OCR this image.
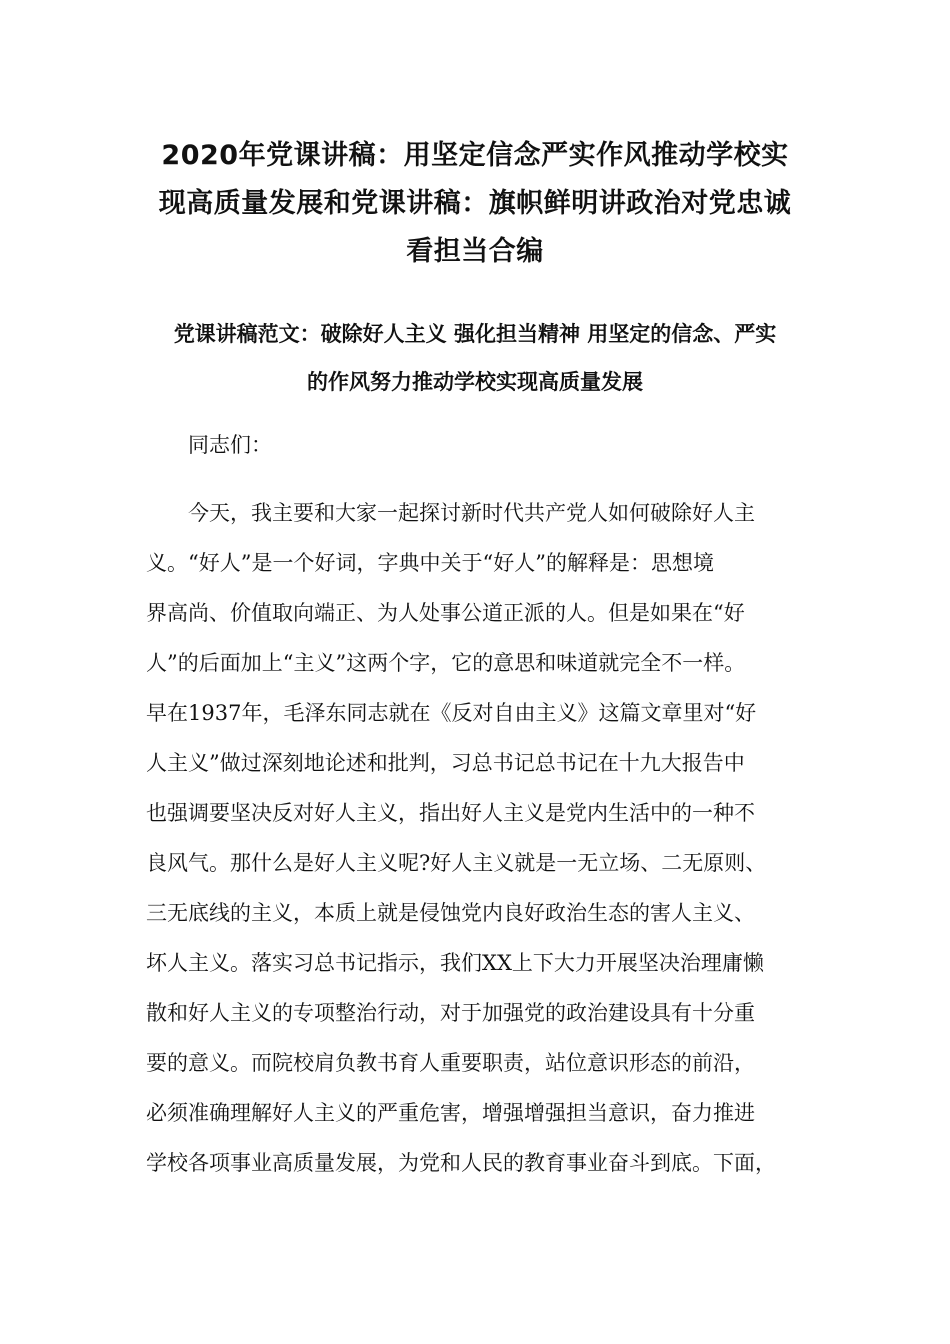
2020年党课讲稿：用坚定信念严实作风推动学校实
现高质量发展和党课讲稿：旗帜鲜明讲政治对党忠诚
看担当合编
党课讲稿范文：破除好人主义 强化担当精神 用坚定的信念、严实
的作风努力推动学校实现高质量发展
同志们：
今天，我主要和大家一起探讨新时代共产党人如何破除好人主
义。“好人”是一个好词，字典中关于“好人”的解释是：思想境
界高尚、价值取向端正、为人处事公道正派的人。但是如果在“好
人”的后面加上“主义”这两个字，它的意思和味道就完全不一样。
早在1937年，毛泽东同志就在《反对自由主义》这篇文章里对“好
人主义”做过深刻地论述和批判，习总书记总书记在十九大报告中
也强调要坚决反对好人主义，指出好人主义是党内生活中的一种不
良风气。那什么是好人主义呢?好人主义就是一无立场、二无原则、
三无底线的主义，本质上就是侵蚀党内良好政治生态的害人主义、
坏人主义。落实习总书记指示，我们XX上下大力开展坚决治理庸懒
散和好人主义的专项整治行动，对于加强党的政治建设具有十分重
要的意义。而院校肩负教书育人重要职责，站位意识形态的前沿，
必须准确理解好人主义的严重危害，增强增强担当意识，奋力推进
学校各项事业高质量发展，为党和人民的教育事业奋斗到底。下面，
